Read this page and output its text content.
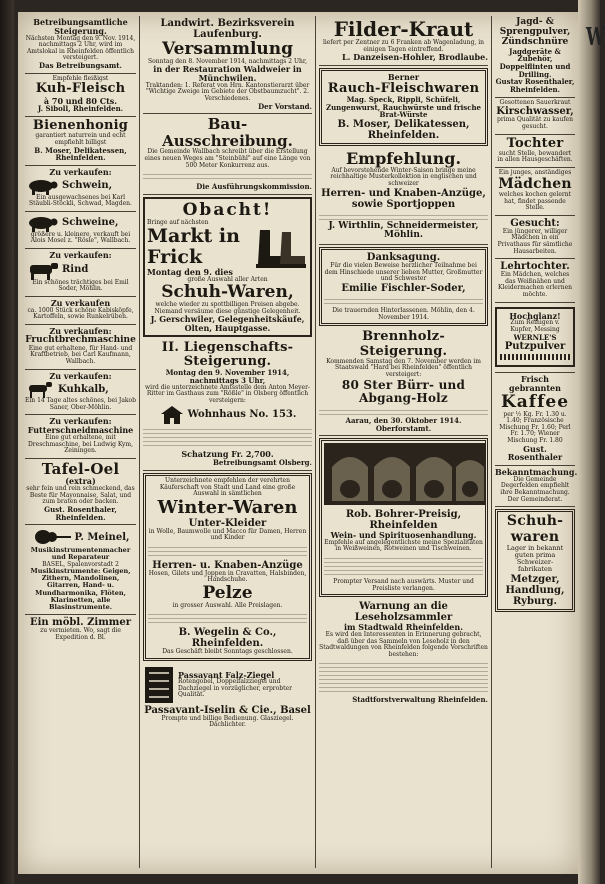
W
Betreibungsamtliche Steigerung.
Nächsten Montag den 9. Nov. 1914, nachmittags 2 Uhr, wird im Amtslokal in Rheinfelden öffentlich versteigert.
Das Betreibungsamt.
Empfehle fleißigst
Kuh-Fleisch
à 70 und 80 Cts.
J. Siboll, Rheinfelden.
Bienenhonig
garantiert naturrein und echt empfiehlt billigst
B. Moser, Delikatessen, Rheinfelden.
Zu verkaufen:
Schwein,
Ein ausgewachsenes bei Karl Stäubli-Stöckli, Schwad, Magden.
Schweine,
größere u. kleinere, verkauft bei Alois Mosel z. "Rösle", Wallbach.
Zu verkaufen:
Rind
Ein schönes trächtiges bei Emil Soder, Möhlin.
Zu verkaufen
ca. 1000 Stück schöne Kabisköpfe, Kartoffeln, sowie Runkelrüben.
Zu verkaufen:
Fruchtbrechmaschine
Eine gut erhaltene, für Hand- und Kraftbetrieb, bei Carl Kaufmann, Wallbach.
Zu verkaufen:
Kuhkalb,
Ein 14 Tage altes schönes, bei Jakob Saner, Ober-Möhlin.
Zu verkaufen:
Futterschneidmaschine
Eine gut erhaltene, mit Dreschmaschine, bei Ludwig Kym, Zeiningen.
Tafel-Oel
(extra)
sehr fein und rein schmeckend, das Beste für Mayonnaise, Salat, und zum braten oder backen.
Gust. Rosenthaler, Rheinfelden.
P. Meinel,
Musikinstrumentenmacher und Reparateur
BASEL, Spalenvorstadt 2
Musikinstrumente: Geigen, Zithern, Mandolinen, Gitarren, Hand- u. Mundharmonika, Flöten, Klarinetten, alle Blasinstrumente.
Ein möbl. Zimmer
zu vermieten. Wo, sagt die Expedition d. Bl.
Landwirt. Bezirksverein Laufenburg.
Versammlung
Sonntag den 8. November 1914, nachmittags 2 Uhr,
in der Restauration Waldweier in Münchwilen.
Traktanden: 1. Referat von Hrn. Kantonstierarzt über "Wichtige Zweige im Gebiete der Obstbaumzucht". 2. Verschiedenes.
Der Vorstand.
Bau-Ausschreibung.
Die Gemeinde Wallbach schreibt über die Erstellung eines neuen Weges am "Steinbühl" auf eine Länge von 500 Meter Konkurrenz aus.
Die Ausführungskommission.
Obacht!
Bringe auf nächsten
Markt in Frick
Montag den 9. dies
große Auswahl aller Arten
Schuh-Waren,
welche wieder zu spottbilligen Preisen abgebe. Niemand versäume diese günstige Gelegenheit.
J. Gerschwiler, Gelegenheitskäufe, Olten, Hauptgasse.
II. Liegenschafts-Steigerung.
Montag den 9. November 1914, nachmittags 3 Uhr,
wird die unterzeichnete Amtsstelle dem Anton Meyer-Ritter im Gasthaus zum "Rößle" in Olsberg öffentlich versteigern:
Wohnhaus No. 153.
Schatzung Fr. 2,700.
Betreibungsamt Olsberg.
Unterzeichnete empfehlen der verehrten Käuferschaft von Stadt und Land eine große Auswahl in sämtlichen
Winter-Waren
Unter-Kleider
in Wolle, Baumwolle und Macco für Damen, Herren und Kinder
Herren- u. Knaben-Anzüge
Hosen, Gilets und Joppen in Cravatten, Halsbinden, Handschuhe.
Pelze
in grosser Auswahl. Alle Preislagen.
B. Wegelin & Co., Rheinfelden.
Das Geschäft bleibt Sonntags geschlossen.
Passavant Falz-Ziegel
Rotengobel, Doppelfalzziegel und Dachziegel in vorzüglicher, erprobter Qualität.
Passavant-Iselin & Cie., Basel
Prompte und billige Bedienung. Glasziegel. Dachlichter.
Filder-Kraut
liefert per Zentner zu 6 Franken ab Wagenladung, in einigen Tagen eintreffend.
L. Danzeisen-Hohler, Brodlaube.
Berner
Rauch-Fleischwaren
Mag. Speck, Rippli, Schüfeli, Zungenwurst, Rauchwürste und frische Brat-Würste
B. Moser, Delikatessen, Rheinfelden.
Empfehlung.
Auf bevorstehende Winter-Saison bringe meine reichhaltige Musterkollektion in englischen und schweizer
Herren- und Knaben-Anzüge, sowie Sportjoppen
J. Wirthlin, Schneidermeister, Möhlin.
Danksagung.
Für die vielen Beweise herzlicher Teilnahme bei dem Hinschiede unserer lieben Mutter, Großmutter und Schwester
Emilie Fischler-Soder,
Die trauernden Hinterlassenen. Möhlin, den 4. November 1914.
Brennholz-Steigerung.
Kommenden Samstag den 7. November werden im Staatswald "Hard bei Rheinfelden" öffentlich versteigert:
80 Ster Bürr- und Abgang-Holz
Aarau, den 30. Oktober 1914. Oberforstamt.
Rob. Bohrer-Preisig, Rheinfelden
Wein- und Spirituosenhandlung.
Empfehle auf angelegentlichste meine Spezialitäten in Weißweinen, Rotweinen und Tischweinen.
Prompter Versand nach auswärts. Muster und Preisliste verlangen.
Warnung an die Leseholzsammler
im Stadtwald Rheinfelden.
Es wird den Interessenten in Erinnerung gebracht, daß über das Sammeln von Leseholz in den Stadtwaldungen von Rheinfelden folgende Vorschriften bestehen:
Stadtforstverwaltung Rheinfelden.
Jagd- & Sprengpulver, Zündschnüre
Jagdgeräte & Zubehör, Doppelflinten und Drilling.
Gustav Rosenthaler, Rheinfelden.
Gesottenen Sauerkraut
Kirschwasser,
prima Qualität zu kaufen gesucht.
Tochter
sucht Stelle, bewandert in allen Hausgeschäften.
Ein junges, anständiges
Mädchen
welches kochen gelernt hat, findet passende Stelle.
Gesucht:
Ein jüngerer, williger Mädchen in ein Privathaus für sämtliche Hausarbeiten.
Lehrtochter.
Ein Mädchen, welches das Weißnähen und Kleidermachen erlernen möchte.
Hochglanz!
Zum Reinigen v. Kupfer, Messing
WERNLE'S
Putzpulver
Frisch gebrannten
Kaffee
per ½ Kg. Fr. 1.30 u. 1.40; Französische Mischung Fr. 1.60; Perl Fr. 1.70; Wiener Mischung Fr. 1.80
Gust. Rosenthaler
Bekanntmachung.
Die Gemeinde Degerfelden empfiehlt ihre Bekanntmachung.
Der Gemeinderat.
Schuh-waren
Lager in bekannt guten prima Schweizer-fabrikaten
Metzger, Handlung, Ryburg.
